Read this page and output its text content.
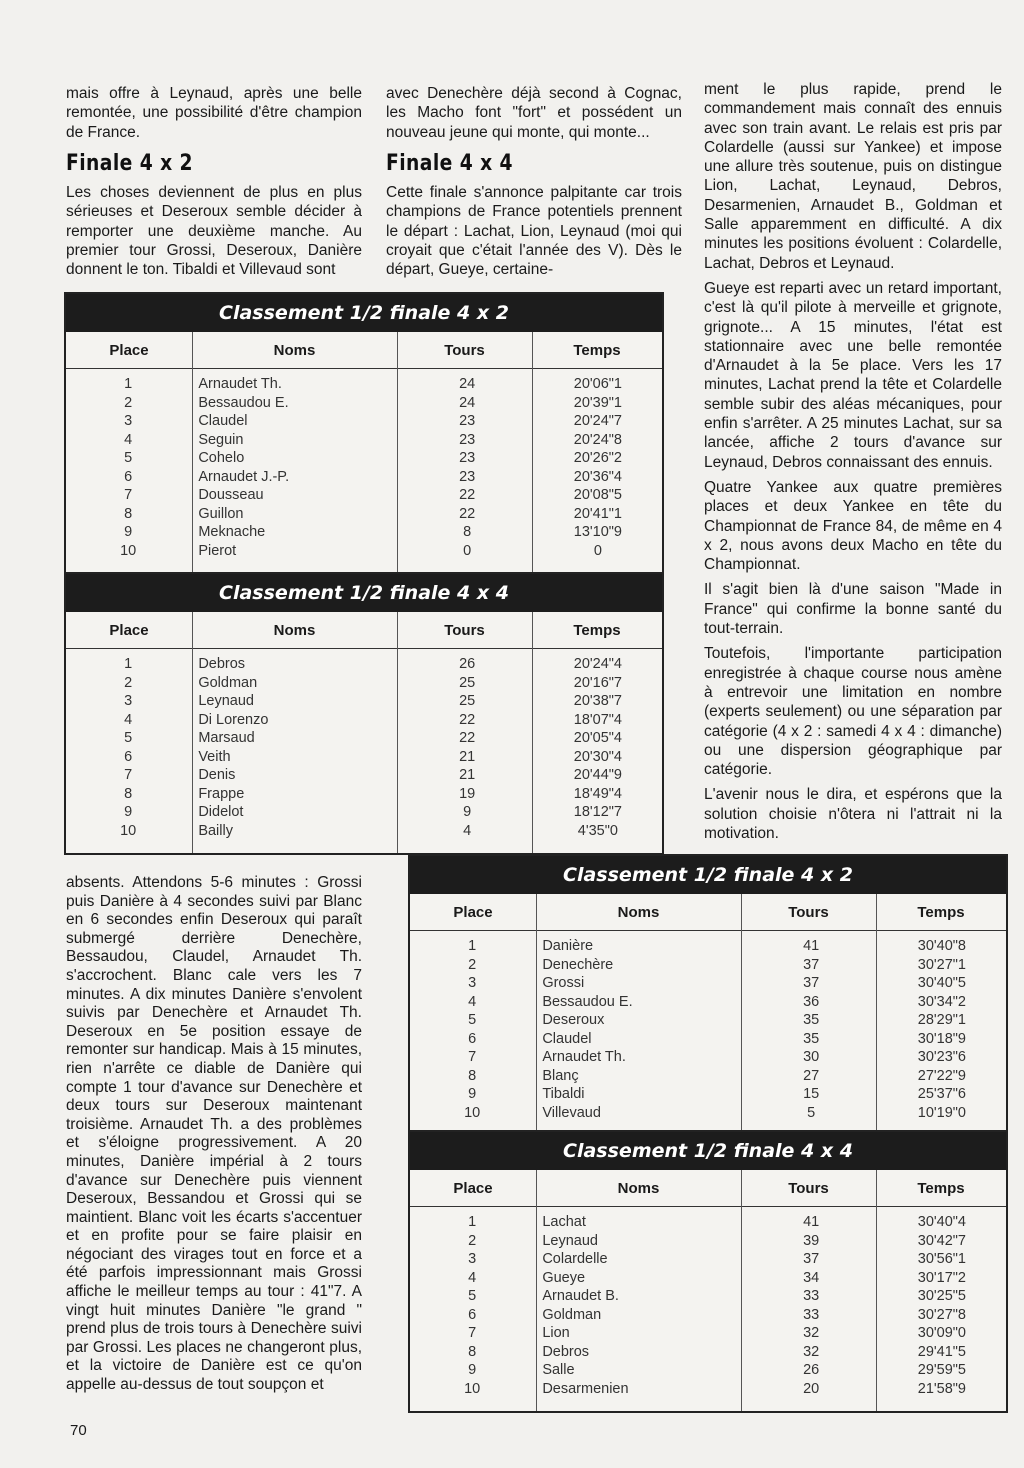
mais offre à Leynaud, après une belle remontée, une possibilité d'être champion de France.

Finale 4 x 2

Les choses deviennent de plus en plus sérieuses et Deseroux semble décider à remporter une deuxième manche. Au premier tour Grossi, Deseroux, Danière donnent le ton. Tibaldi et Villevaud sont

avec Denechère déjà second à Cognac, les Macho font "fort" et possédent un nouveau jeune qui monte, qui monte...

Finale 4 x 4

Cette finale s'annonce palpitante car trois champions de France potentiels prennent le départ : Lachat, Lion, Leynaud (moi qui croyait que c'était l'année des V). Dès le départ, Gueye, certaine-

ment le plus rapide, prend le commandement mais connaît des ennuis avec son train avant. Le relais est pris par Colardelle (aussi sur Yankee) et impose une allure très soutenue, puis on distingue Lion, Lachat, Leynaud, Debros, Desarmenien, Arnaudet B., Goldman et Salle apparemment en difficulté. A dix minutes les positions évoluent : Colardelle, Lachat, Debros et Leynaud.

Gueye est reparti avec un retard important, c'est là qu'il pilote à merveille et grignote, grignote... A 15 minutes, l'état est stationnaire avec une belle remontée d'Arnaudet à la 5e place. Vers les 17 minutes, Lachat prend la tête et Colardelle semble subir des aléas mécaniques, pour enfin s'arrêter. A 25 minutes Lachat, sur sa lancée, affiche 2 tours d'avance sur Leynaud, Debros connaissant des ennuis.

Quatre Yankee aux quatre premières places et deux Yankee en tête du Championnat de France 84, de même en 4 x 2, nous avons deux Macho en tête du Championnat.

Il s'agit bien là d'une saison "Made in France" qui confirme la bonne santé du tout-terrain.

Toutefois, l'importante participation enregistrée à chaque course nous amène à entrevoir une limitation en nombre (experts seulement) ou une séparation par catégorie (4 x 2 : samedi 4 x 4 : dimanche) ou une dispersion géographique par catégorie.

L'avenir nous le dira, et espérons que la solution choisie n'ôtera ni l'attrait ni la motivation.

absents. Attendons 5-6 minutes : Grossi puis Danière à 4 secondes suivi par Blanc en 6 secondes enfin Deseroux qui paraît submergé derrière Denechère, Bessaudou, Claudel, Arnaudet Th. s'accrochent. Blanc cale vers les 7 minutes. A dix minutes Danière s'envolent suivis par Denechère et Arnaudet Th. Deseroux en 5e position essaye de remonter sur handicap. Mais à 15 minutes, rien n'arrête ce diable de Danière qui compte 1 tour d'avance sur Denechère et deux tours sur Deseroux maintenant troisième. Arnaudet Th. a des problèmes et s'éloigne progressivement. A 20 minutes, Danière impérial à 2 tours d'avance sur Denechère puis viennent Deseroux, Bessandou et Grossi qui se maintient. Blanc voit les écarts s'accentuer et en profite pour se faire plaisir en négociant des virages tout en force et a été parfois impressionnant mais Grossi affiche le meilleur temps au tour : 41"7. A vingt huit minutes Danière "le grand " prend plus de trois tours à Denechère suivi par Grossi. Les places ne changeront plus, et la victoire de Danière est ce qu'on appelle au-dessus de tout soupçon et

Classement 1/2 finale 4 x 2
Place	Noms	Tours	Temps
1	Arnaudet Th.	24	20'06"1
2	Bessaudou E.	24	20'39"1
3	Claudel	23	20'24"7
4	Seguin	23	20'24"8
5	Cohelo	23	20'26"2
6	Arnaudet J.-P.	23	20'36"4
7	Dousseau	22	20'08"5
8	Guillon	22	20'41"1
9	Meknache	8	13'10"9
10	Pierot	0	0
Classement 1/2 finale 4 x 4
Place	Noms	Tours	Temps
1	Debros	26	20'24"4
2	Goldman	25	20'16"7
3	Leynaud	25	20'38"7
4	Di Lorenzo	22	18'07"4
5	Marsaud	22	20'05"4
6	Veith	21	20'30"4
7	Denis	21	20'44"9
8	Frappe	19	18'49"4
9	Didelot	9	18'12"7
10	Bailly	4	4'35"0
Classement 1/2 finale 4 x 2
Place	Noms	Tours	Temps
1	Danière	41	30'40"8
2	Denechère	37	30'27"1
3	Grossi	37	30'40"5
4	Bessaudou E.	36	30'34"2
5	Deseroux	35	28'29"1
6	Claudel	35	30'18"9
7	Arnaudet Th.	30	30'23"6
8	Blanç	27	27'22"9
9	Tibaldi	15	25'37"6
10	Villevaud	5	10'19"0
Classement 1/2 finale 4 x 4
Place	Noms	Tours	Temps
1	Lachat	41	30'40"4
2	Leynaud	39	30'42"7
3	Colardelle	37	30'56"1
4	Gueye	34	30'17"2
5	Arnaudet B.	33	30'25"5
6	Goldman	33	30'27"8
7	Lion	32	30'09"0
8	Debros	32	29'41"5
9	Salle	26	29'59"5
10	Desarmenien	20	21'58"9
70
